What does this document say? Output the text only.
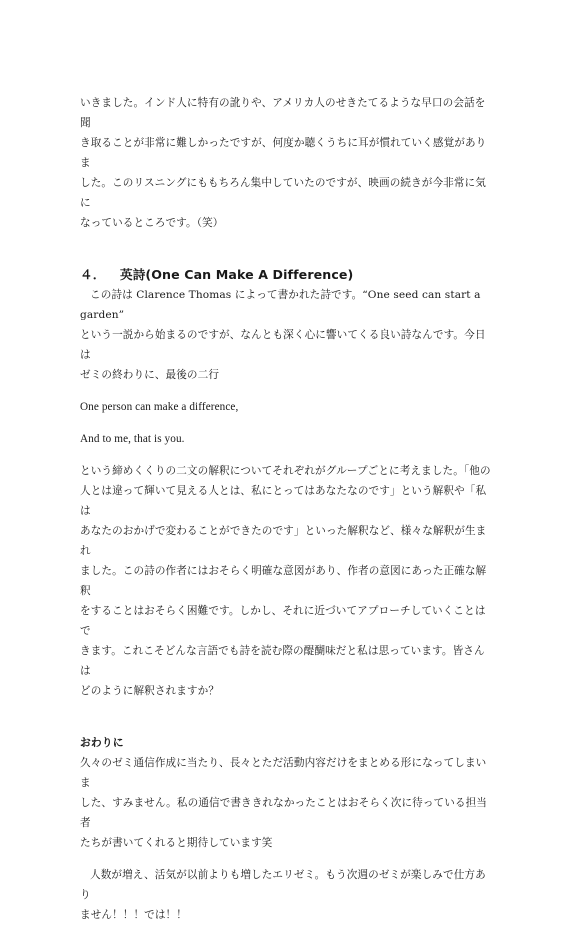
いきました。インド人に特有の訛りや、アメリカ人のせきたてるような早口の会話を聞

き取ることが非常に難しかったですが、何度か聴くうちに耳が慣れていく感覚がありま

した。このリスニングにももちろん集中していたのですが、映画の続きが今非常に気に

なっているところです。（笑）

４． 英詩(One Can Make A Difference)

この詩は Clarence Thomas によって書かれた詩です。“One seed can start a garden”

という一説から始まるのですが、なんとも深く心に響いてくる良い詩なんです。今日は

ゼミの終わりに、最後の二行

One person can make a difference,

And to me, that is you.

という締めくくりの二文の解釈についてそれぞれがグループごとに考えました。「他の

人とは違って輝いて見える人とは、私にとってはあなたなのです」という解釈や「私は

あなたのおかげで変わることができたのです」といった解釈など、様々な解釈が生まれ

ました。この詩の作者にはおそらく明確な意図があり、作者の意図にあった正確な解釈

をすることはおそらく困難です。しかし、それに近づいてアプローチしていくことはで

きます。これこそどんな言語でも詩を読む際の醍醐味だと私は思っています。皆さんは

どのように解釈されますか？

おわりに

久々のゼミ通信作成に当たり、長々とただ活動内容だけをまとめる形になってしまいま

した、すみません。私の通信で書ききれなかったことはおそらく次に待っている担当者

たちが書いてくれると期待しています笑

人数が増え、活気が以前よりも増したエリゼミ。もう次週のゼミが楽しみで仕方あり

ません！！！では！！
